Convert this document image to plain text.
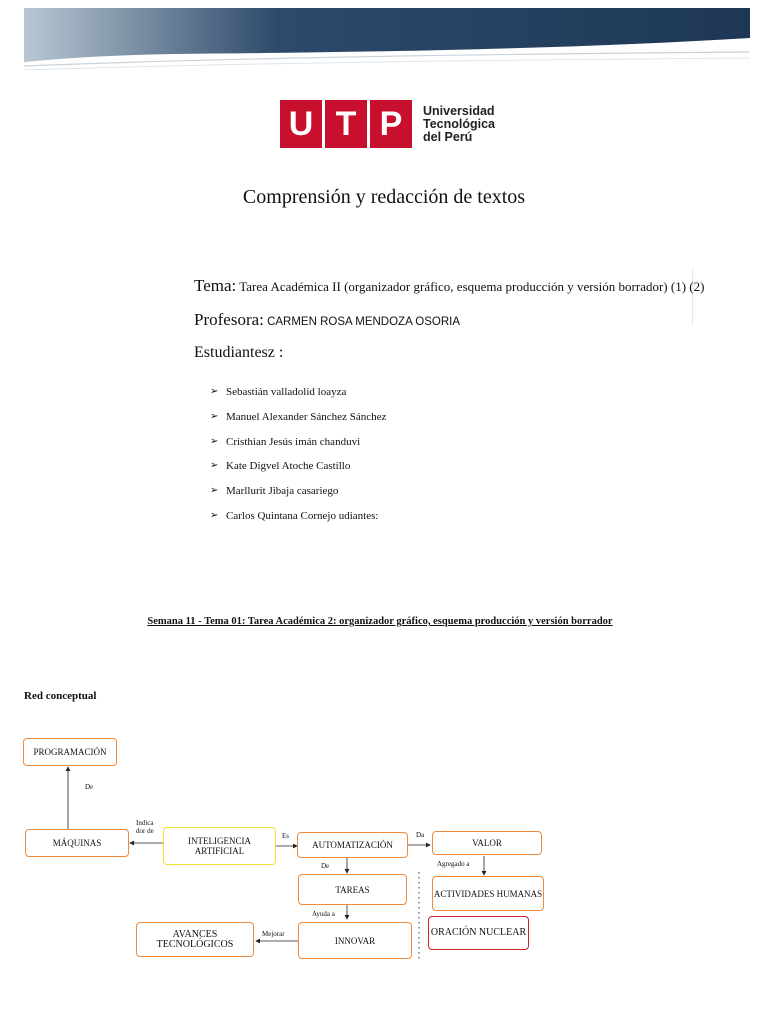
U T P	Universidad
Tecnológica
del Perú
Comprensión y redacción de textos
Tema: Tarea Académica II (organizador gráfico, esquema producción y versión borrador) (1) (2)
Profesora: CARMEN ROSA MENDOZA OSORIA
Estudiantesz :
➢ Sebastián valladolid loayza
➢ Manuel Alexander Sánchez Sánchez
➢ Cristhian Jesús imán chanduvi
➢ Kate Digvel Atoche Castillo
➢ Marllurit Jibaja casariego
➢ Carlos Quintana Cornejo udiantes:
Semana 11 - Tema 01: Tarea Académica 2: organizador gráfico, esquema producción y versión borrador
Red conceptual
PROGRAMACIÓN
MÁQUINAS	INTELIGENCIA ARTIFICIAL
AUTOMATIZACIÓN	VALOR
TAREAS	ACTIVIDADES HUMANAS
AVANCES TECNOLÓGICOS	INNOVAR
ORACIÓN NUCLEAR
De
Indica dor de
Es	Da
De	Agregado a
Ayuda a
Mejorar
